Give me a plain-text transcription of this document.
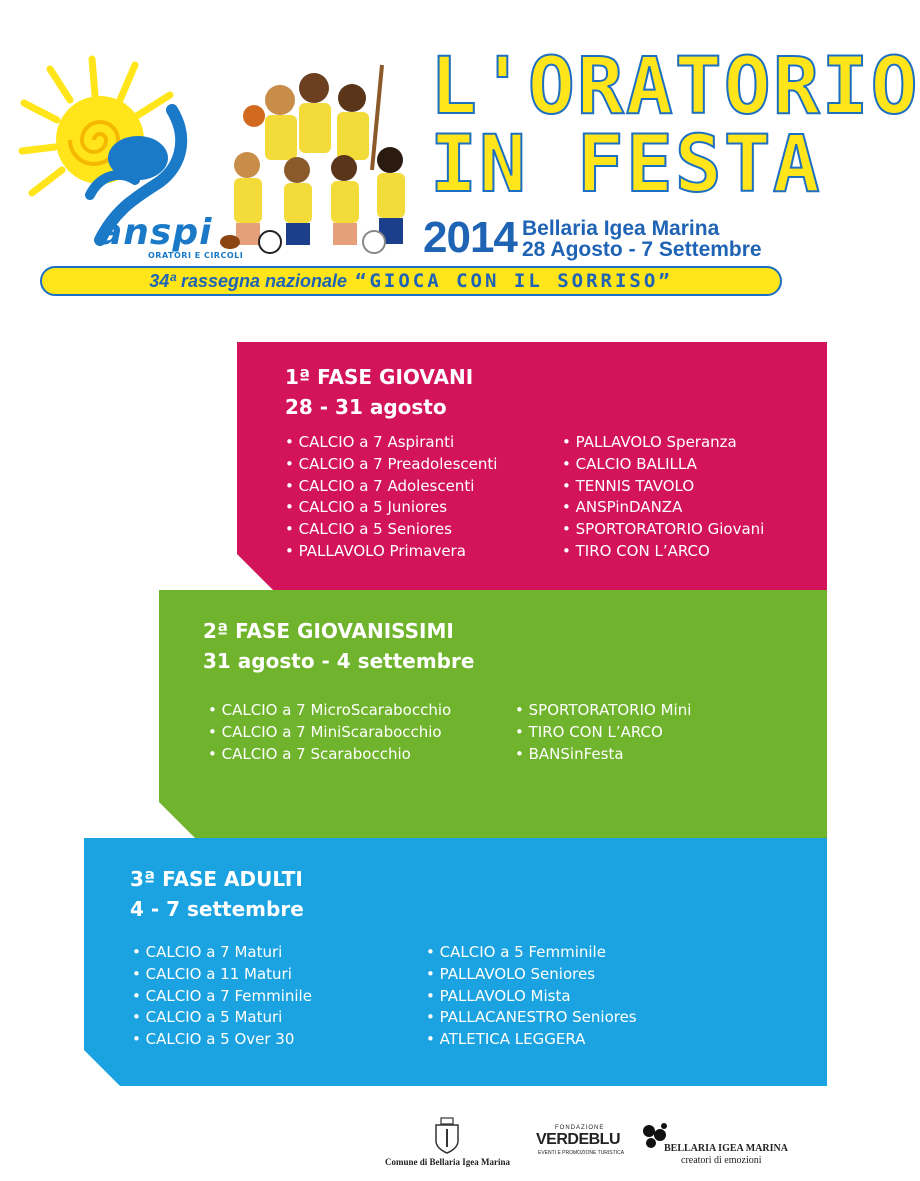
anspi
ORATORI E CIRCOLI
L'ORATORIO
IN FESTA
2014 Bellaria Igea Marina
28 Agosto - 7 Settembre
34ª rassegna nazionale “GIOCA CON IL SORRISO”
1ª FASE GIOVANI
28 - 31 agosto
• CALCIO a 7 Aspiranti
• CALCIO a 7 Preadolescenti
• CALCIO a 7 Adolescenti
• CALCIO a 5 Juniores
• CALCIO a 5 Seniores
• PALLAVOLO Primavera
• PALLAVOLO Speranza
• CALCIO BALILLA
• TENNIS TAVOLO
• ANSPinDANZA
• SPORTORATORIO Giovani
• TIRO CON L’ARCO
2ª FASE GIOVANISSIMI
31 agosto - 4 settembre
• CALCIO a 7 MicroScarabocchio
• CALCIO a 7 MiniScarabocchio
• CALCIO a 7 Scarabocchio
• SPORTORATORIO Mini
• TIRO CON L’ARCO
• BANSinFesta
3ª FASE ADULTI
4 - 7 settembre
• CALCIO a 7 Maturi
• CALCIO a 11 Maturi
• CALCIO a 7 Femminile
• CALCIO a 5 Maturi
• CALCIO a 5 Over 30
• CALCIO a 5 Femminile
• PALLAVOLO Seniores
• PALLAVOLO Mista
• PALLACANESTRO Seniores
• ATLETICA LEGGERA
Comune di Bellaria Igea Marina
FONDAZIONE
VERDEBLU
EVENTI E PROMOZIONE TURISTICA	BELLARIA IGEA MARINA
creatori di emozioni
